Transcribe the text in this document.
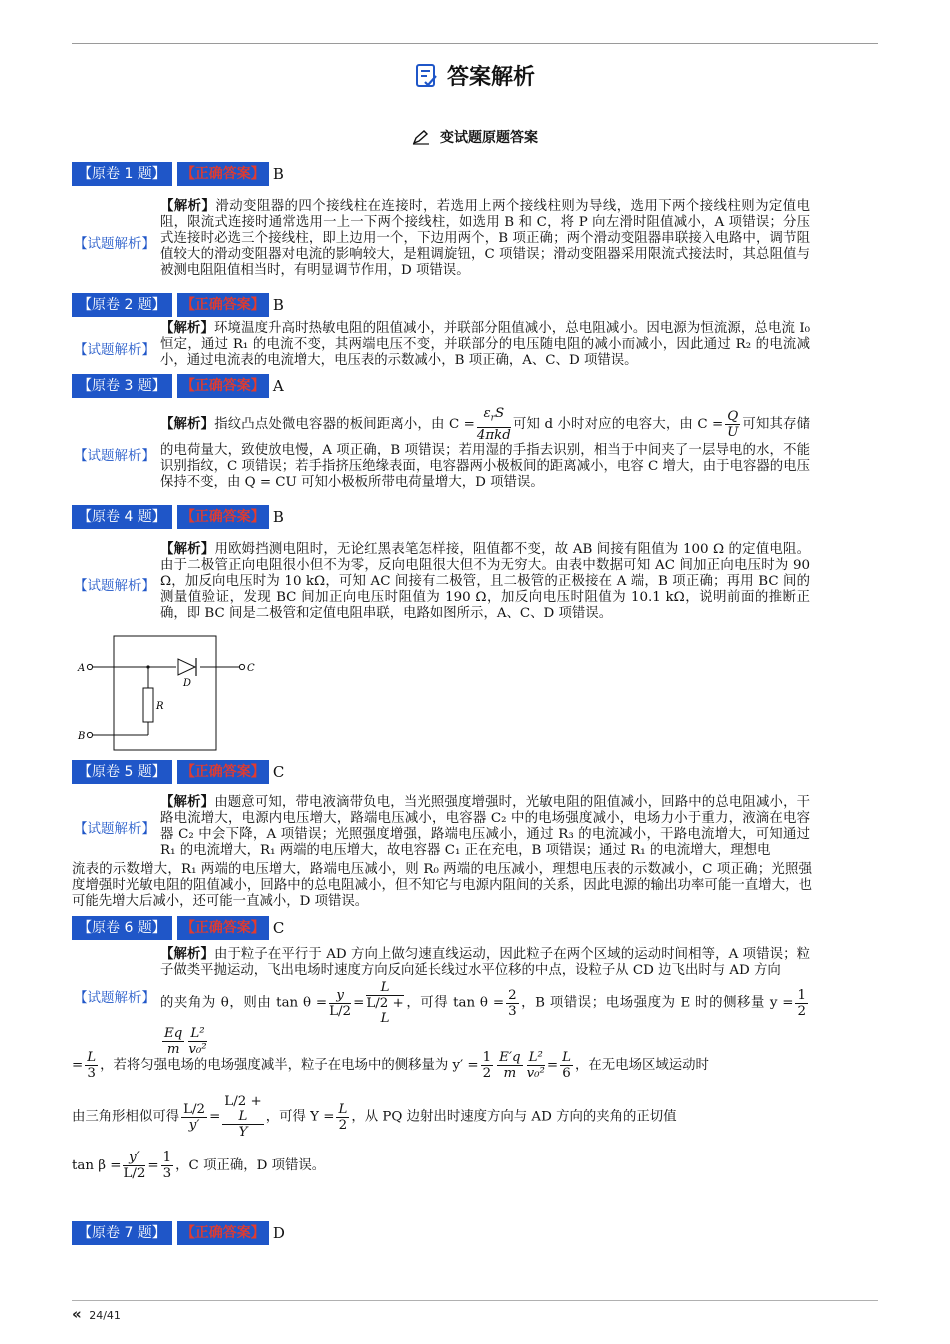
答案解析
变试题原题答案
【原卷 1 题】	【正确答案】 B
【试题解析】
【解析】滑动变阻器的四个接线柱在连接时，若选用上两个接线柱则为导线，选用下两个接线柱则为定值电阻，限流式连接时通常选用一上一下两个接线柱，如选用 B 和 C，将 P 向左滑时阻值减小，A 项错误；分压式连接时必选三个接线柱，即上边用一个，下边用两个，B 项正确；两个滑动变阻器串联接入电路中，调节阻值较大的滑动变阻器对电流的影响较大，是粗调旋钮，C 项错误；滑动变阻器采用限流式接法时，其总阻值与被测电阻阻值相当时，有明显调节作用，D 项错误。
【原卷 2 题】	【正确答案】 B
【试题解析】
【解析】环境温度升高时热敏电阻的阻值减小，并联部分阻值减小，总电阻减小。因电源为恒流源，总电流 I₀ 恒定，通过 R₁ 的电流不变，其两端电压不变，并联部分的电压随电阻的减小而减小，因此通过 R₂ 的电流减小，通过电流表的电流增大，电压表的示数减小，B 项正确，A、C、D 项错误。
【原卷 3 题】	【正确答案】 A
【试题解析】
【解析】指纹凸点处微电容器的板间距离小，由 $C = \frac{\varepsilon_rS}{\text{4πkd}}$ 可知 d 小时对应的电容大，由 $C = \frac{Q}{U}$ 可知其存储的电荷量大，致使放电慢，A 项正确，B 项错误；若用湿的手指去识别，相当于中间夹了一层导电的水，不能识别指纹，C 项错误；若手指挤压绝缘表面，电容器两小极板间的距离减小，电容 C 增大，由于电容器的电压保持不变，由 Q = CU 可知小极板所带电荷量增大，D 项错误。
【原卷 4 题】	【正确答案】 B
【试题解析】
【解析】用欧姆挡测电阻时，无论红黑表笔怎样接，阻值都不变，故 AB 间接有阻值为 100 Ω 的定值电阻。由于二极管正向电阻很小但不为零，反向电阻很大但不为无穷大。由表中数据可知 AC 间加正向电压时为 90 Ω，加反向电压时为 10 kΩ，可知 AC 间接有二极管，且二极管的正极接在 A 端，B 项正确；再用 BC 间的测量值验证，发现 BC 间加正向电压时阻值为 190 Ω，加反向电压时阻值为 10.1 kΩ，说明前面的推断正确，即 BC 间是二极管和定值电阻串联，电路如图所示，A、C、D 项错误。
A
B
C
D
R
【原卷 5 题】	【正确答案】 C
【试题解析】
【解析】由题意可知，带电液滴带负电，当光照强度增强时，光敏电阻的阻值减小，回路中的总电阻减小，干路电流增大，电源内电压增大，路端电压减小，电容器 C₂ 中的电场强度减小，电场力小于重力，液滴在电容器 C₂ 中会下降，A 项错误；光照强度增强，路端电压减小，通过 R₃ 的电流减小，干路电流增大，可知通过 R₁ 的电流增大，R₁ 两端的电压增大，故电容器 C₁ 正在充电，B 项错误；通过 R₁ 的电流增大，理想电
流表的示数增大，R₁ 两端的电压增大，路端电压减小，则 R₀ 两端的电压减小，理想电压表的示数减小，C 项正确；光照强度增强时光敏电阻的阻值减小，回路中的总电阻减小，但不知它与电源内阻间的关系，因此电源的输出功率可能一直增大，也可能先增大后减小，还可能一直减小，D 项错误。
【原卷 6 题】	【正确答案】 C
【试题解析】
【解析】由于粒子在平行于 AD 方向上做匀速直线运动，因此粒子在两个区域的运动时间相等，A 项错误；粒子做类平抛运动，飞出电场时速度方向反向延长线过水平位移的中点，设粒子从 CD 边飞出时与 AD 方向
的夹角为 θ，则由 $\tan \theta = \frac{y}{L/2} = L$
L/2 +
L ，可得 $\tan \theta = \frac{2}{3}$ ，B 项错误；电场强度为 E 时的侧移量 $y = \frac{1}{2}$
$\frac{Eq}{m} \frac{\text{L²}}{\text{v₀²}}$
= $\frac{L}{3}$ ，若将匀强电场的电场强度减半，粒子在电场中的侧移量为 $y' = \frac{1}{2} \frac{E'q}{m} \frac{\text{L²}}{\text{v₀²}} = \frac{L}{6}$ ，在无电场区域运动时
由三角形相似可得 $\frac{L/2}{y'} = L/2$ +
L
Y ，可得 $Y = \frac{L}{2}$ ，从 PQ 边射出时速度方向与 AD 方向的夹角的正切值
$\tan \beta = \frac{y'}{L/2} = \frac{1}{3}$ ，C 项正确，D 项错误。
【原卷 7 题】	【正确答案】 D
« 24/41
